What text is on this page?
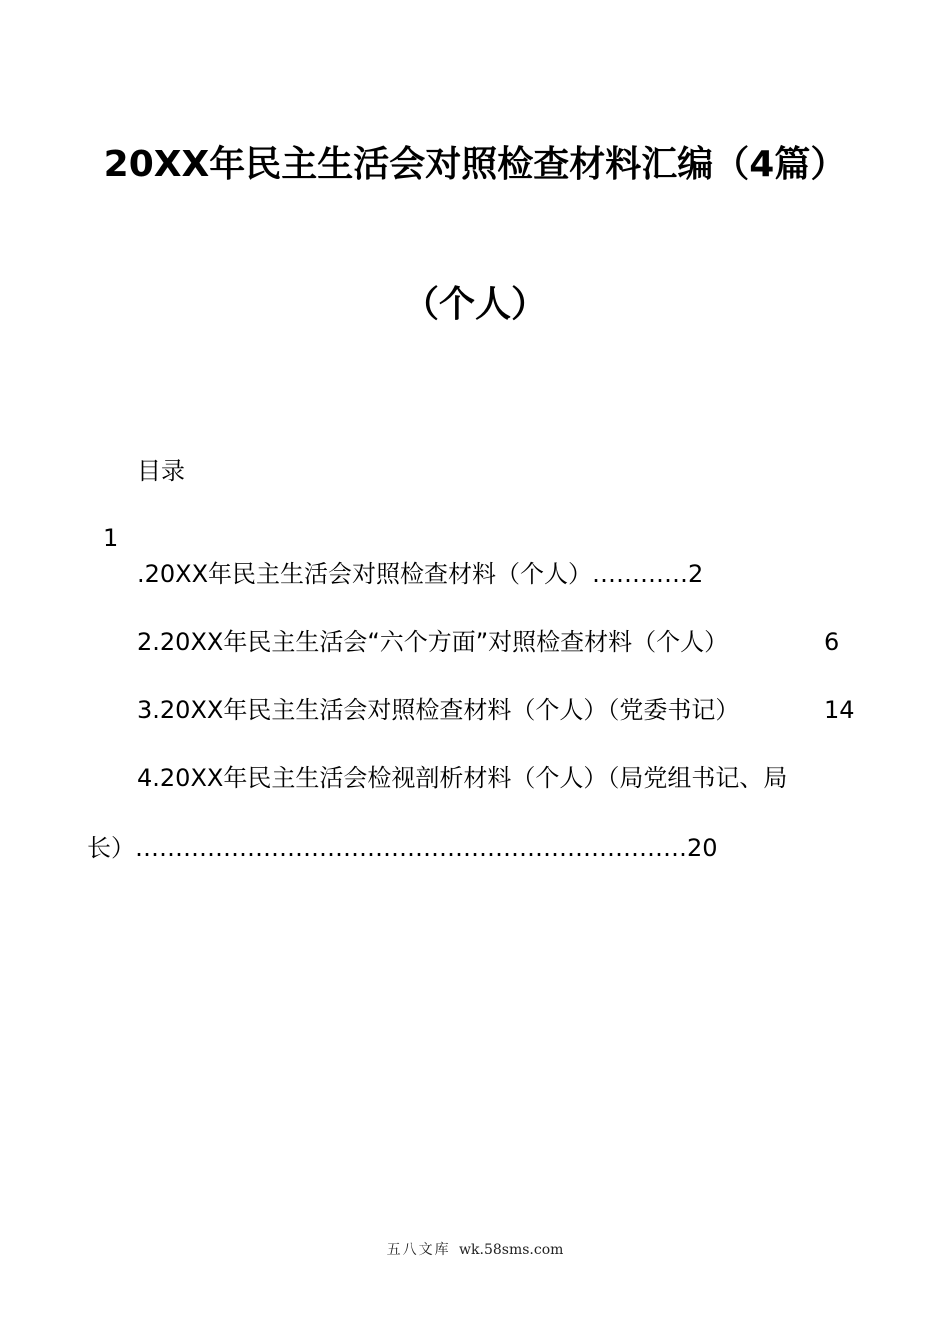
20XX年民主生活会对照检查材料汇编（4篇）
（个人）
目录
1
.20XX年民主生活会对照检查材料（个人）…………2
2.20XX年民主生活会“六个方面”对照检查材料（个人）	6
3.20XX年民主生活会对照检查材料（个人）（党委书记）	14
4.20XX年民主生活会检视剖析材料（个人）（局党组书记、局
长）……………………………………………………………20
五八文库 wk.58sms.com
